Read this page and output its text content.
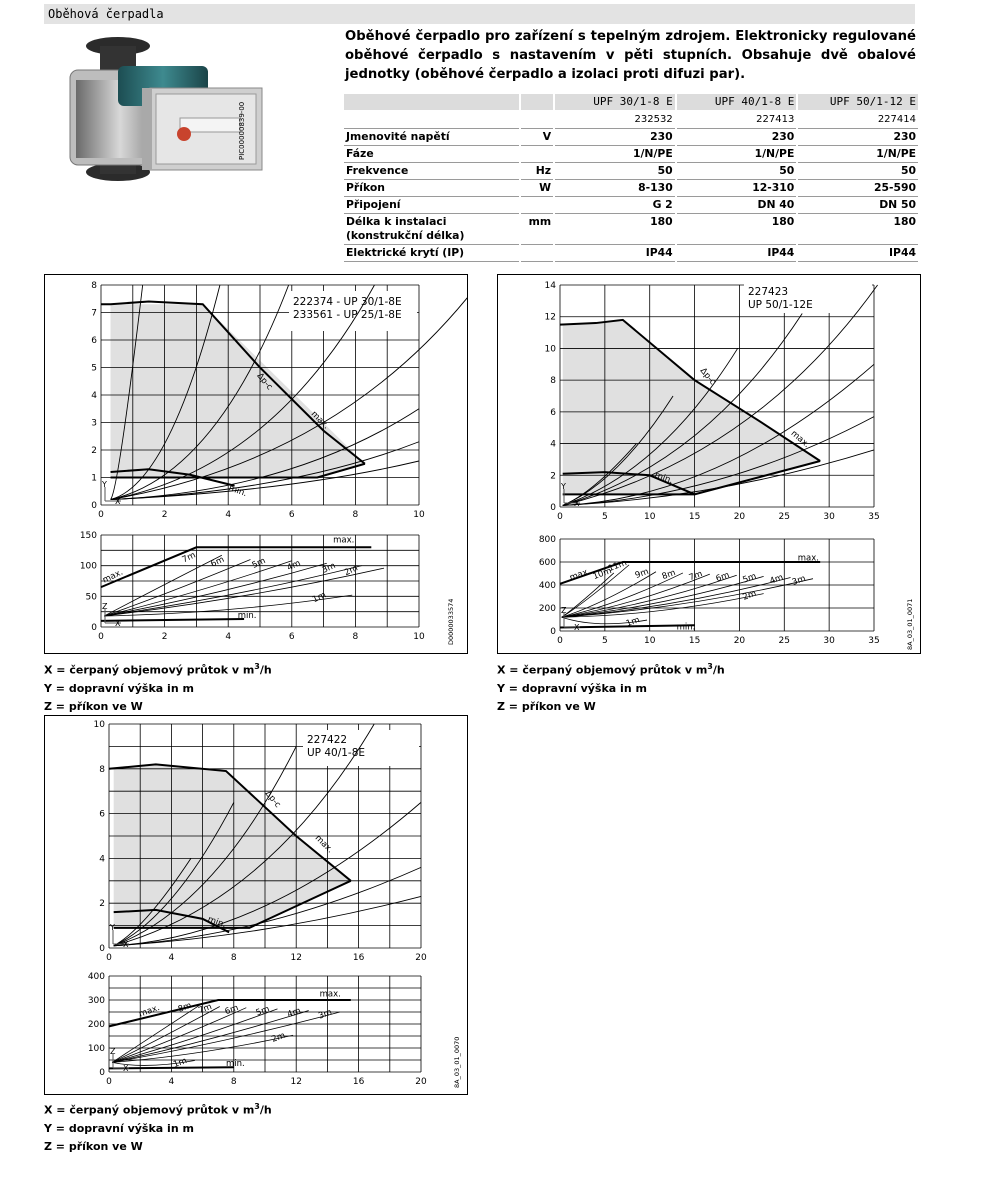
Oběhová čerpadla
PIC00000839-00
Oběhové čerpadlo pro zařízení s tepelným zdrojem. Elektronicky regulované oběhové čerpadlo s nastavením v pěti stupních. Obsahuje dvě obalové jednotky (oběhové čerpadlo a izolaci proti difuzi par).
		UPF 30/1-8 E	UPF 40/1-8 E	UPF 50/1-12 E
		232532	227413	227414
Jmenovité napětí	V	230	230	230
Fáze		1/N/PE	1/N/PE	1/N/PE
Frekvence	Hz	50	50	50
Příkon	W	8-130	12-310	25-590
Připojení		G 2	DN 40	DN 50
Délka k instalaci (konstrukční délka)	mm	180	180	180
Elektrické krytí (IP)		IP44	IP44	IP44
0	2	4	6	8	10
0
1
2
3
4
5
6
7
8
222374 - UP 30/1-8E
233561 - UP 25/1-8E
Δp-c
max.
min.
X
Y
0	2	4	6	8	10
0
50
100
150
7m 6m	5m 4m 3m 2m
1m
max.
min.
max.
X
Z	D0000033574
0	5	10	15	20	25	30	35
0
2
4
6
8
10
12
14	227423
UP 50/1-12E
Δp-c
max.
min.
X
Y
0	5	10	15	20	25	30	35
0
200
400
600
800
11m
10m 9m 8m 7m 6m 5m 4m 3m
2m
1m
max.
min.
max.
X
Z	8A_03_01_0071
0	4	8	12	16	20
0
2
4
6
8
10
227422
UP 40/1-8E
Δp-c
max.
min.
X
Y
0	4	8	12	16	20
0
100
200
300
400
8m 7m 6m 5m 4m 3m
2m
1m
max.
min.
max.
X
Z	8A_03_01_0070
X = čerpaný objemový průtok v $m^3/h$
Y = dopravní výška in m
Z = příkon ve W
X = čerpaný objemový průtok v $m^3/h$
Y = dopravní výška in m
Z = příkon ve W
X = čerpaný objemový průtok v $m^3/h$
Y = dopravní výška in m
Z = příkon ve W
